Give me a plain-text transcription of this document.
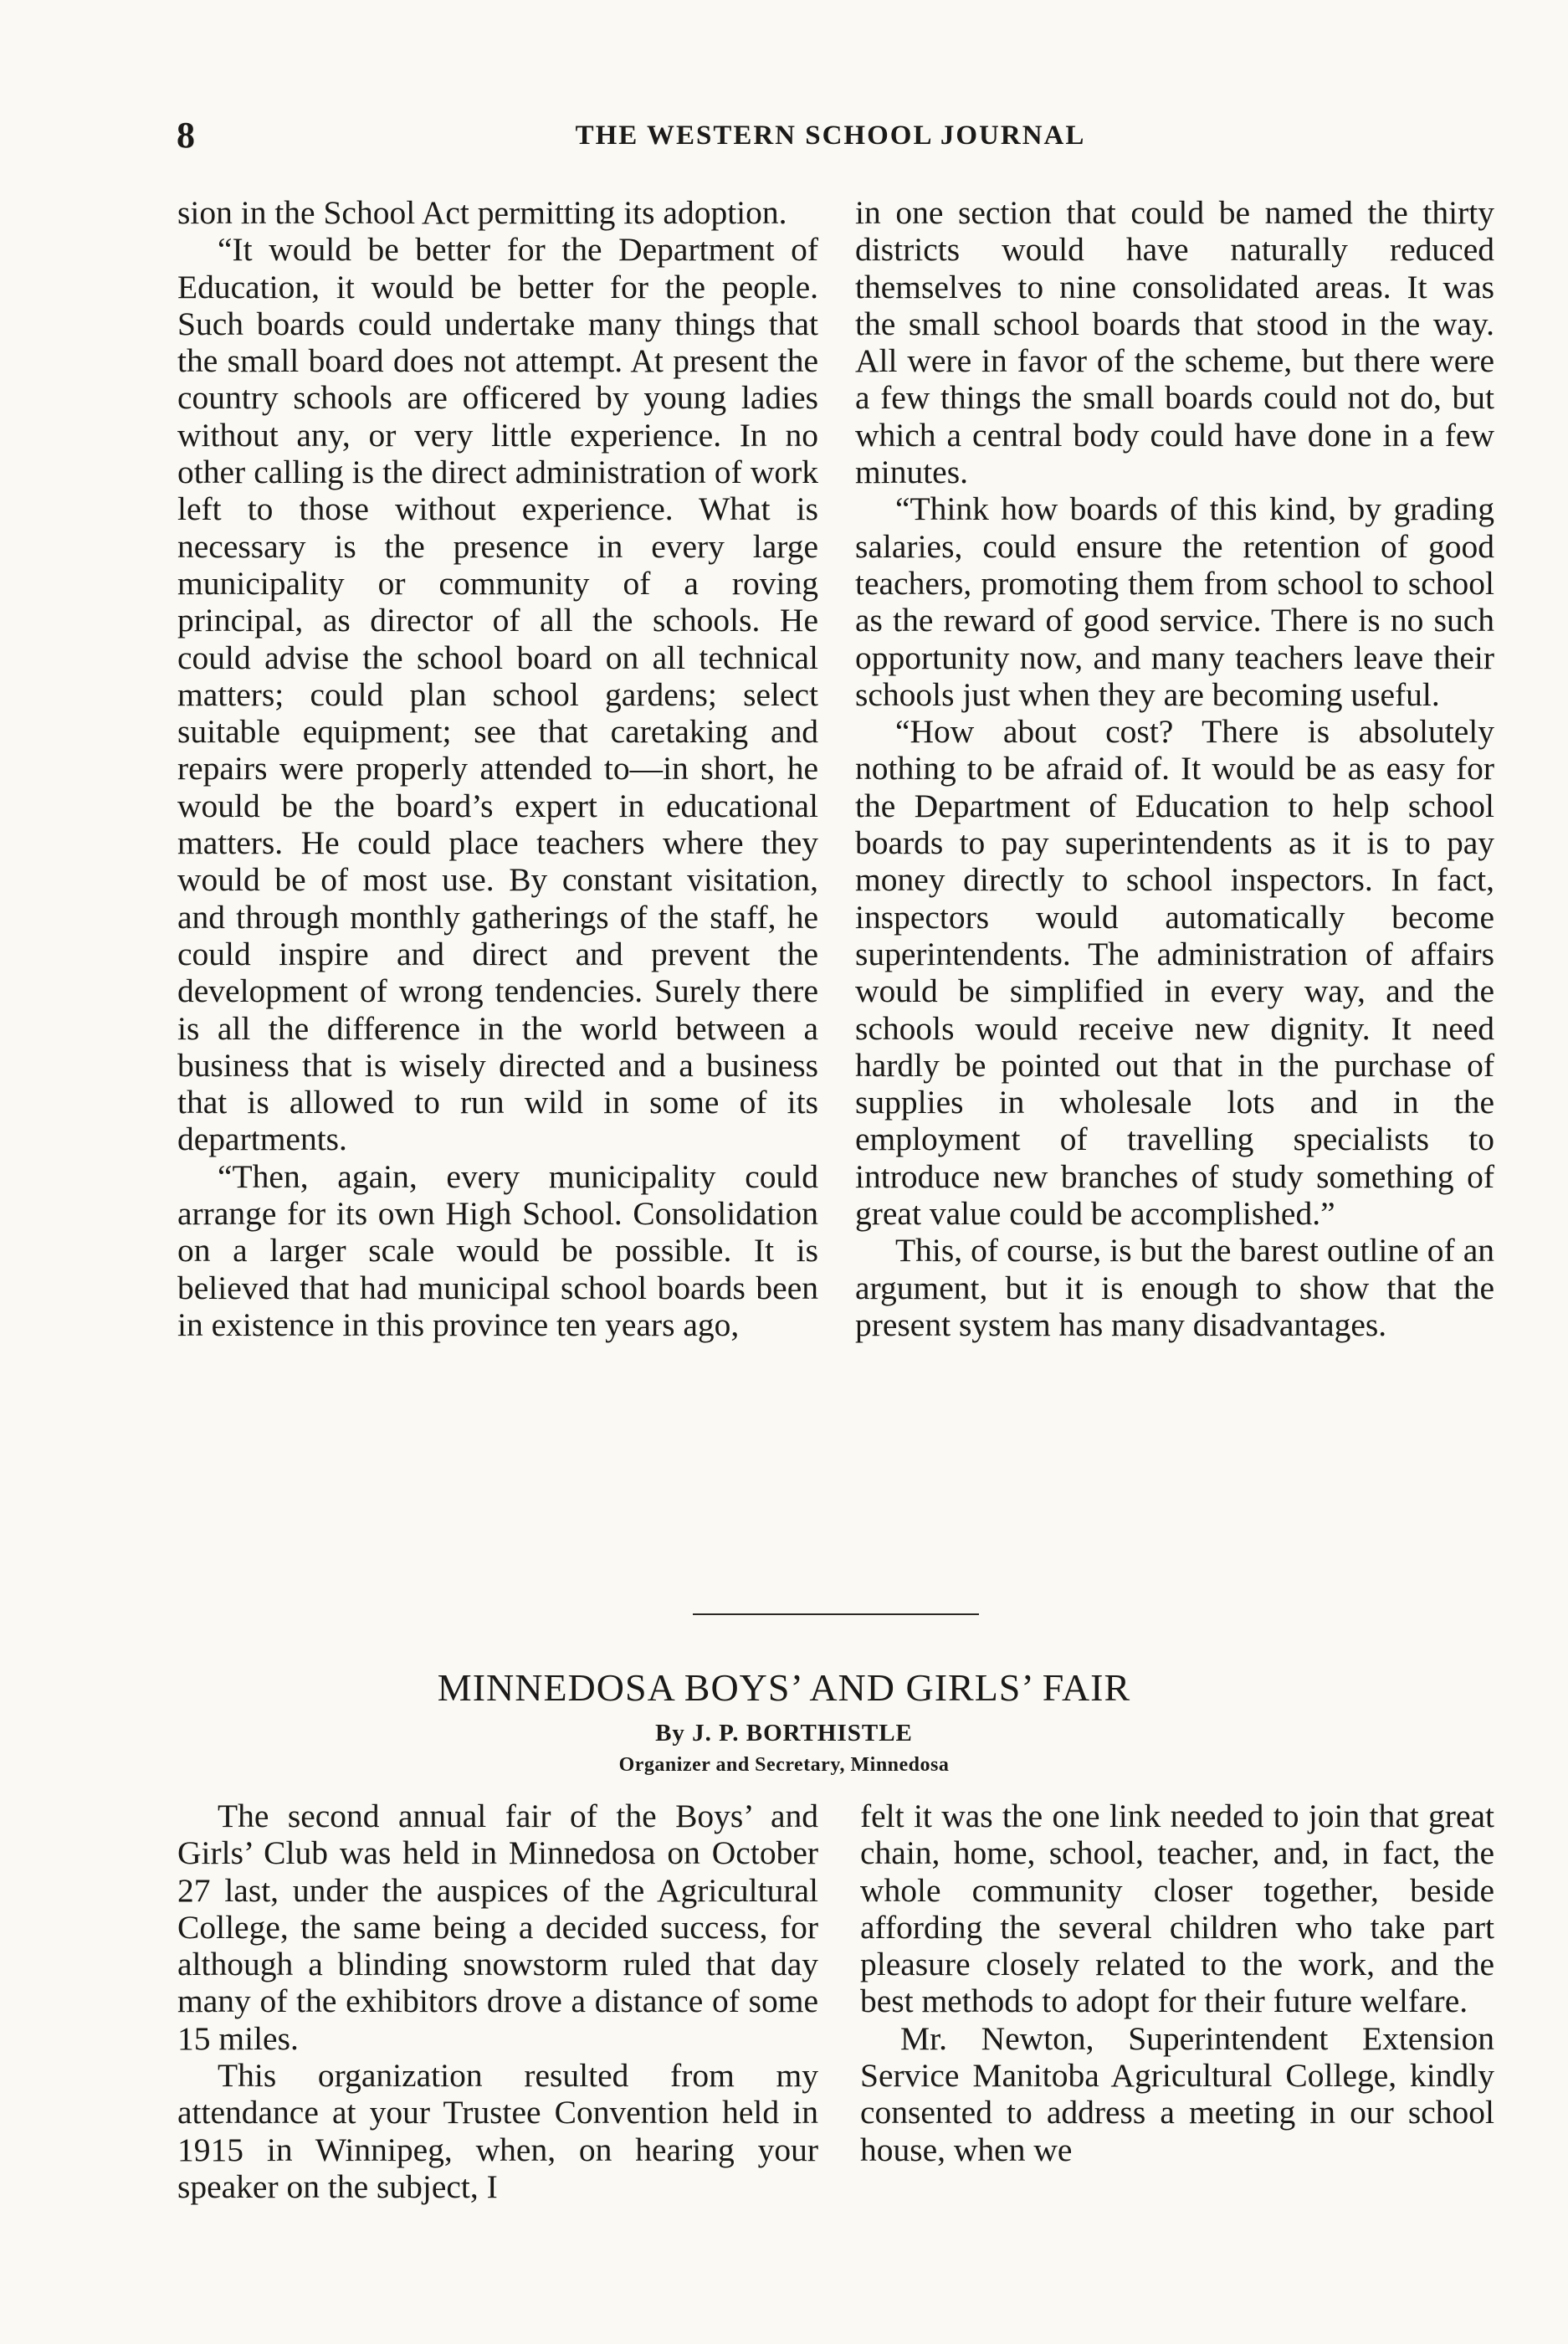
8	THE WESTERN SCHOOL JOURNAL

sion in the School Act permitting its adoption.

“It would be better for the Department of Education, it would be better for the people. Such boards could undertake many things that the small board does not attempt. At present the country schools are officered by young ladies without any, or very little experience. In no other calling is the direct administration of work left to those without experience. What is necessary is the presence in every large municipality or community of a roving principal, as director of all the schools. He could advise the school board on all technical matters; could plan school gardens; select suitable equipment; see that caretaking and repairs were properly attended to—in short, he would be the board’s expert in educational matters. He could place teachers where they would be of most use. By constant visitation, and through monthly gatherings of the staff, he could inspire and direct and prevent the development of wrong tendencies. Surely there is all the difference in the world between a business that is wisely directed and a business that is allowed to run wild in some of its departments.

“Then, again, every municipality could arrange for its own High School. Consolidation on a larger scale would be possible. It is believed that had municipal school boards been in existence in this province ten years ago,

in one section that could be named the thirty districts would have naturally reduced themselves to nine consolidated areas. It was the small school boards that stood in the way. All were in favor of the scheme, but there were a few things the small boards could not do, but which a central body could have done in a few minutes.

“Think how boards of this kind, by grading salaries, could ensure the retention of good teachers, promoting them from school to school as the reward of good service. There is no such opportunity now, and many teachers leave their schools just when they are becoming useful.

“How about cost? There is absolutely nothing to be afraid of. It would be as easy for the Department of Education to help school boards to pay superintendents as it is to pay money directly to school inspectors. In fact, inspectors would automatically become superintendents. The administration of affairs would be simplified in every way, and the schools would receive new dignity. It need hardly be pointed out that in the purchase of supplies in wholesale lots and in the employment of travelling specialists to introduce new branches of study something of great value could be accomplished.”

This, of course, is but the barest outline of an argument, but it is enough to show that the present system has many disadvantages.

MINNEDOSA BOYS’ AND GIRLS’ FAIR
By J. P. BORTHISTLE
Organizer and Secretary, Minnedosa

The second annual fair of the Boys’ and Girls’ Club was held in Minnedosa on October 27 last, under the auspices of the Agricultural College, the same being a decided success, for although a blinding snowstorm ruled that day many of the exhibitors drove a distance of some 15 miles.

This organization resulted from my attendance at your Trustee Convention held in 1915 in Winnipeg, when, on hearing your speaker on the subject, I

felt it was the one link needed to join that great chain, home, school, teacher, and, in fact, the whole community closer together, beside affording the several children who take part pleasure closely related to the work, and the best methods to adopt for their future welfare.

Mr. Newton, Superintendent Extension Service Manitoba Agricultural College, kindly consented to address a meeting in our school house, when we
